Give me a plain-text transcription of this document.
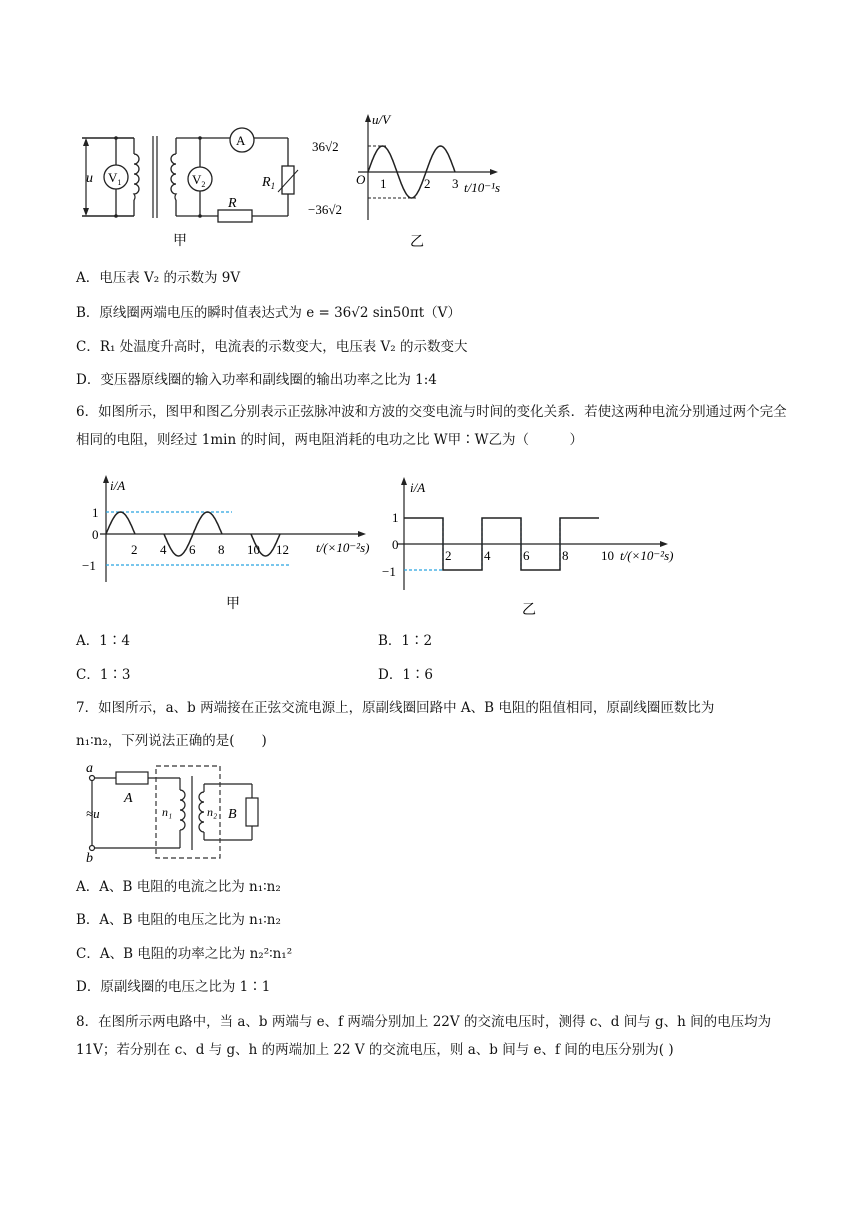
u $V_1$	$V_2$
A
$R_1$
R
甲
u/V
36√2
−36√2
O 1	2 3 t/10⁻¹s
乙
A．电压表 V₂ 的示数为 9V
B．原线圈两端电压的瞬时值表达式为 e = 36√2 sin50πt（V）
C．R₁ 处温度升高时，电流表的示数变大，电压表 V₂ 的示数变大
D．变压器原线圈的输入功率和副线圈的输出功率之比为 1:4
6．如图所示，图甲和图乙分别表示正弦脉冲波和方波的交变电流与时间的变化关系．若使这两种电流分别通过两个完全相同的电阻，则经过 1min 的时间，两电阻消耗的电功之比 W甲∶W乙为（　　　）
i/A
1
0
−1
2 4 6 8 10 12 t/(×10⁻²s)
甲
i/A
1
0
−1
2	4	6	8	10 t/(×10⁻²s)
乙
A．1∶4	B．1∶2
C．1∶3	D．1∶6
7．如图所示，a、b 两端接在正弦交流电源上，原副线圈回路中 A、B 电阻的阻值相同，原副线圈匝数比为
n₁∶n₂，下列说法正确的是(　　)
a
b
≈u
A
B
n₁	n₂
A．A、B 电阻的电流之比为 n₁∶n₂
B．A、B 电阻的电压之比为 n₁∶n₂
C．A、B 电阻的功率之比为 n₂²∶n₁²
D．原副线圈的电压之比为 1∶1
8．在图所示两电路中，当 a、b 两端与 e、f 两端分别加上 22V 的交流电压时，测得 c、d 间与 g、h 间的电压均为 11V；若分别在 c、d 与 g、h 的两端加上 22 V 的交流电压，则 a、b 间与 e、f 间的电压分别为( )
